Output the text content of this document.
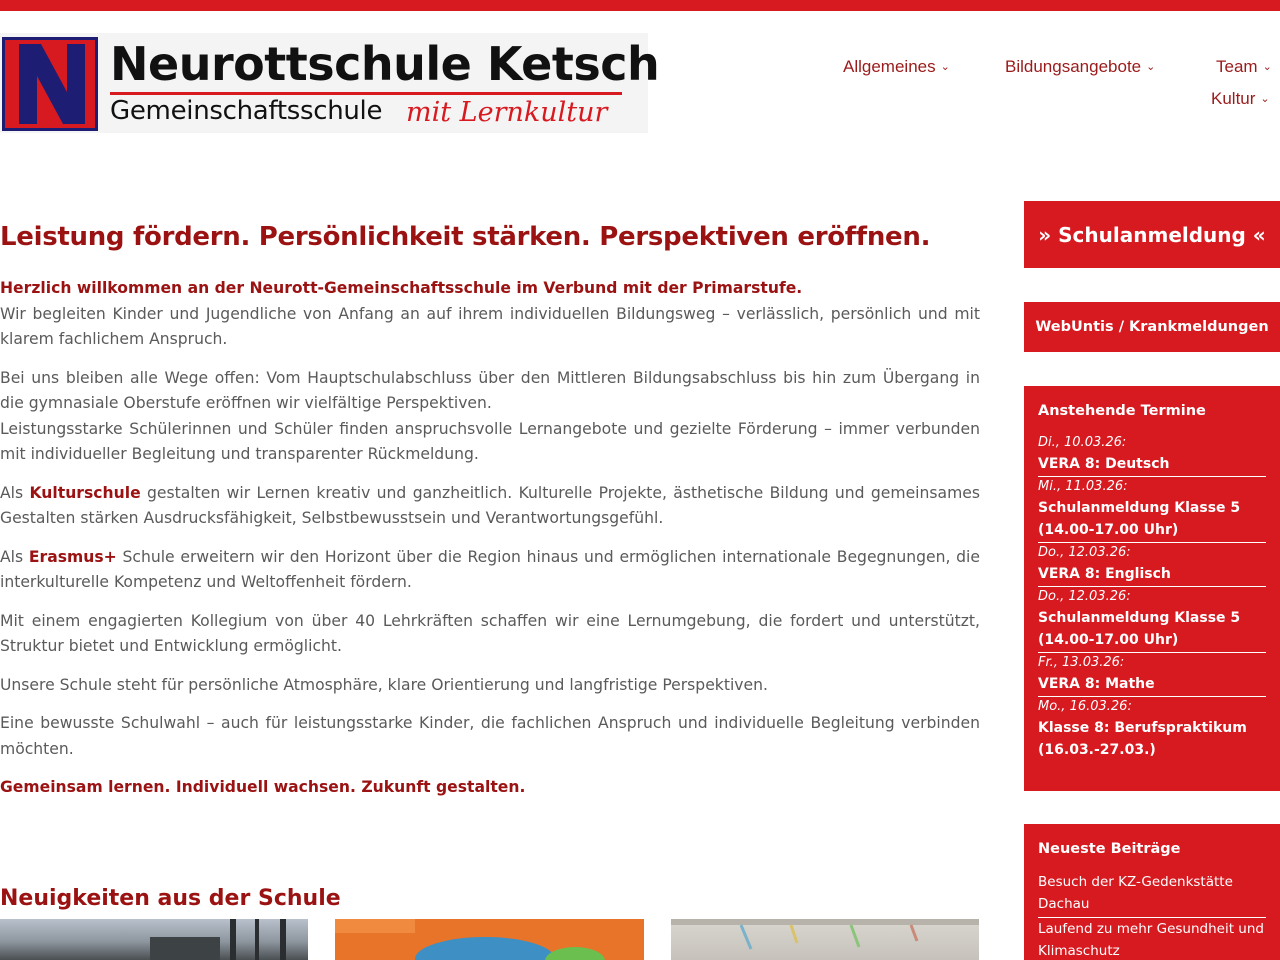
Neurottschule Ketsch
Gemeinschaftsschule mit Lernkultur
Allgemeines ⌄	Bildungsangebote ⌄	Team ⌄
Kultur ⌄
Leistung fördern. Persönlichkeit stärken. Perspektiven eröffnen.

Herzlich willkommen an der Neurott-Gemeinschaftsschule im Verbund mit der Primarstufe.
Wir begleiten Kinder und Jugendliche von Anfang an auf ihrem individuellen Bildungsweg – verlässlich, persönlich und mit klarem fachlichem Anspruch.

Bei uns bleiben alle Wege offen: Vom Hauptschulabschluss über den Mittleren Bildungsabschluss bis hin zum Übergang in die gymnasiale Oberstufe eröffnen wir vielfältige Perspektiven.
Leistungsstarke Schülerinnen und Schüler finden anspruchsvolle Lernangebote und gezielte Förderung – immer verbunden mit individueller Begleitung und transparenter Rückmeldung.

Als Kulturschule gestalten wir Lernen kreativ und ganzheitlich. Kulturelle Projekte, ästhetische Bildung und gemeinsames Gestalten stärken Ausdrucksfähigkeit, Selbstbewusstsein und Verantwortungsgefühl.

Als Erasmus+ Schule erweitern wir den Horizont über die Region hinaus und ermöglichen internationale Begegnungen, die interkulturelle Kompetenz und Weltoffenheit fördern.

Mit einem engagierten Kollegium von über 40 Lehrkräften schaffen wir eine Lernumgebung, die fordert und unterstützt, Struktur bietet und Entwicklung ermöglicht.

Unsere Schule steht für persönliche Atmosphäre, klare Orientierung und langfristige Perspektiven.

Eine bewusste Schulwahl – auch für leistungsstarke Kinder, die fachlichen Anspruch und individuelle Begleitung verbinden möchten.

Gemeinsam lernen. Individuell wachsen. Zukunft gestalten.

Neuigkeiten aus der Schule
» Schulanmeldung «
WebUntis / Krankmeldungen
Anstehende Termine
Di., 10.03.26:
VERA 8: Deutsch
Mi., 11.03.26:
Schulanmeldung Klasse 5 (14.00-17.00 Uhr)
Do., 12.03.26:
VERA 8: Englisch
Do., 12.03.26:
Schulanmeldung Klasse 5 (14.00-17.00 Uhr)
Fr., 13.03.26:
VERA 8: Mathe
Mo., 16.03.26:
Klasse 8: Berufspraktikum (16.03.-27.03.)
Neueste Beiträge
Besuch der KZ-Gedenkstätte Dachau
Laufend zu mehr Gesundheit und Klimaschutz
